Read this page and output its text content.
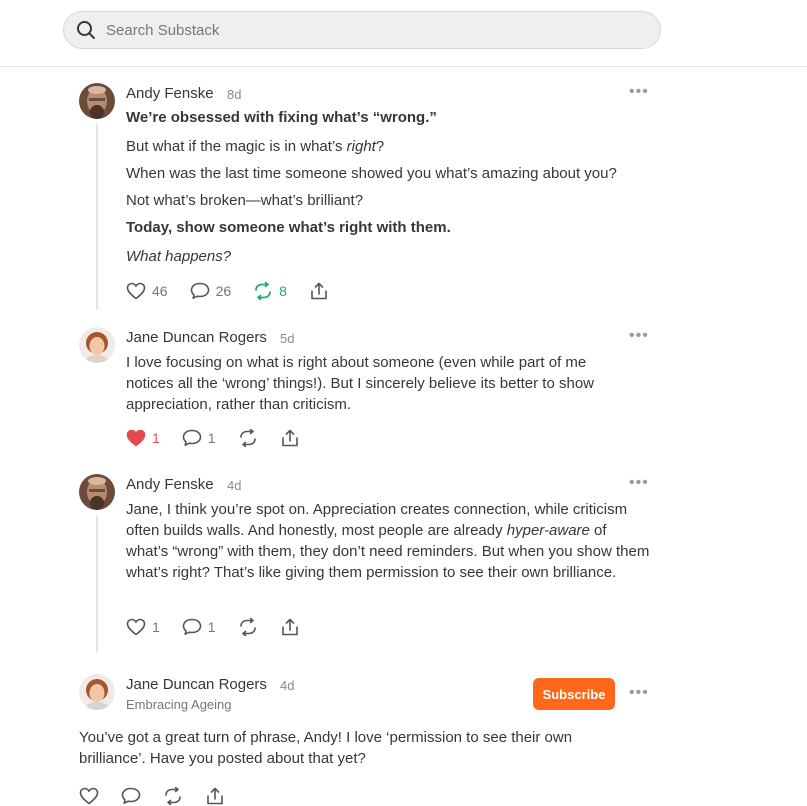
Search Substack
Andy Fenske 8d	•••
We’re obsessed with fixing what’s “wrong.”
But what if the magic is in what’s right?
When was the last time someone showed you what’s amazing about you?
Not what’s broken—what’s brilliant?
Today, show someone what’s right with them.
What happens?
46	26	8
Jane Duncan Rogers 5d	•••
I love focusing on what is right about someone (even while part of me notices all the ‘wrong’ things!). But I sincerely believe its better to show appreciation, rather than criticism.
1	1
Andy Fenske 4d	•••
Jane, I think you’re spot on. Appreciation creates connection, while criticism often builds walls. And honestly, most people are already hyper-aware of what’s “wrong” with them, they don’t need reminders. But when you show them what’s right? That’s like giving them permission to see their own brilliance.
1	1
Jane Duncan Rogers 4d
Embracing Ageing
Subscribe	•••
You’ve got a great turn of phrase, Andy! I love ‘permission to see their own brilliance’. Have you posted about that yet?
